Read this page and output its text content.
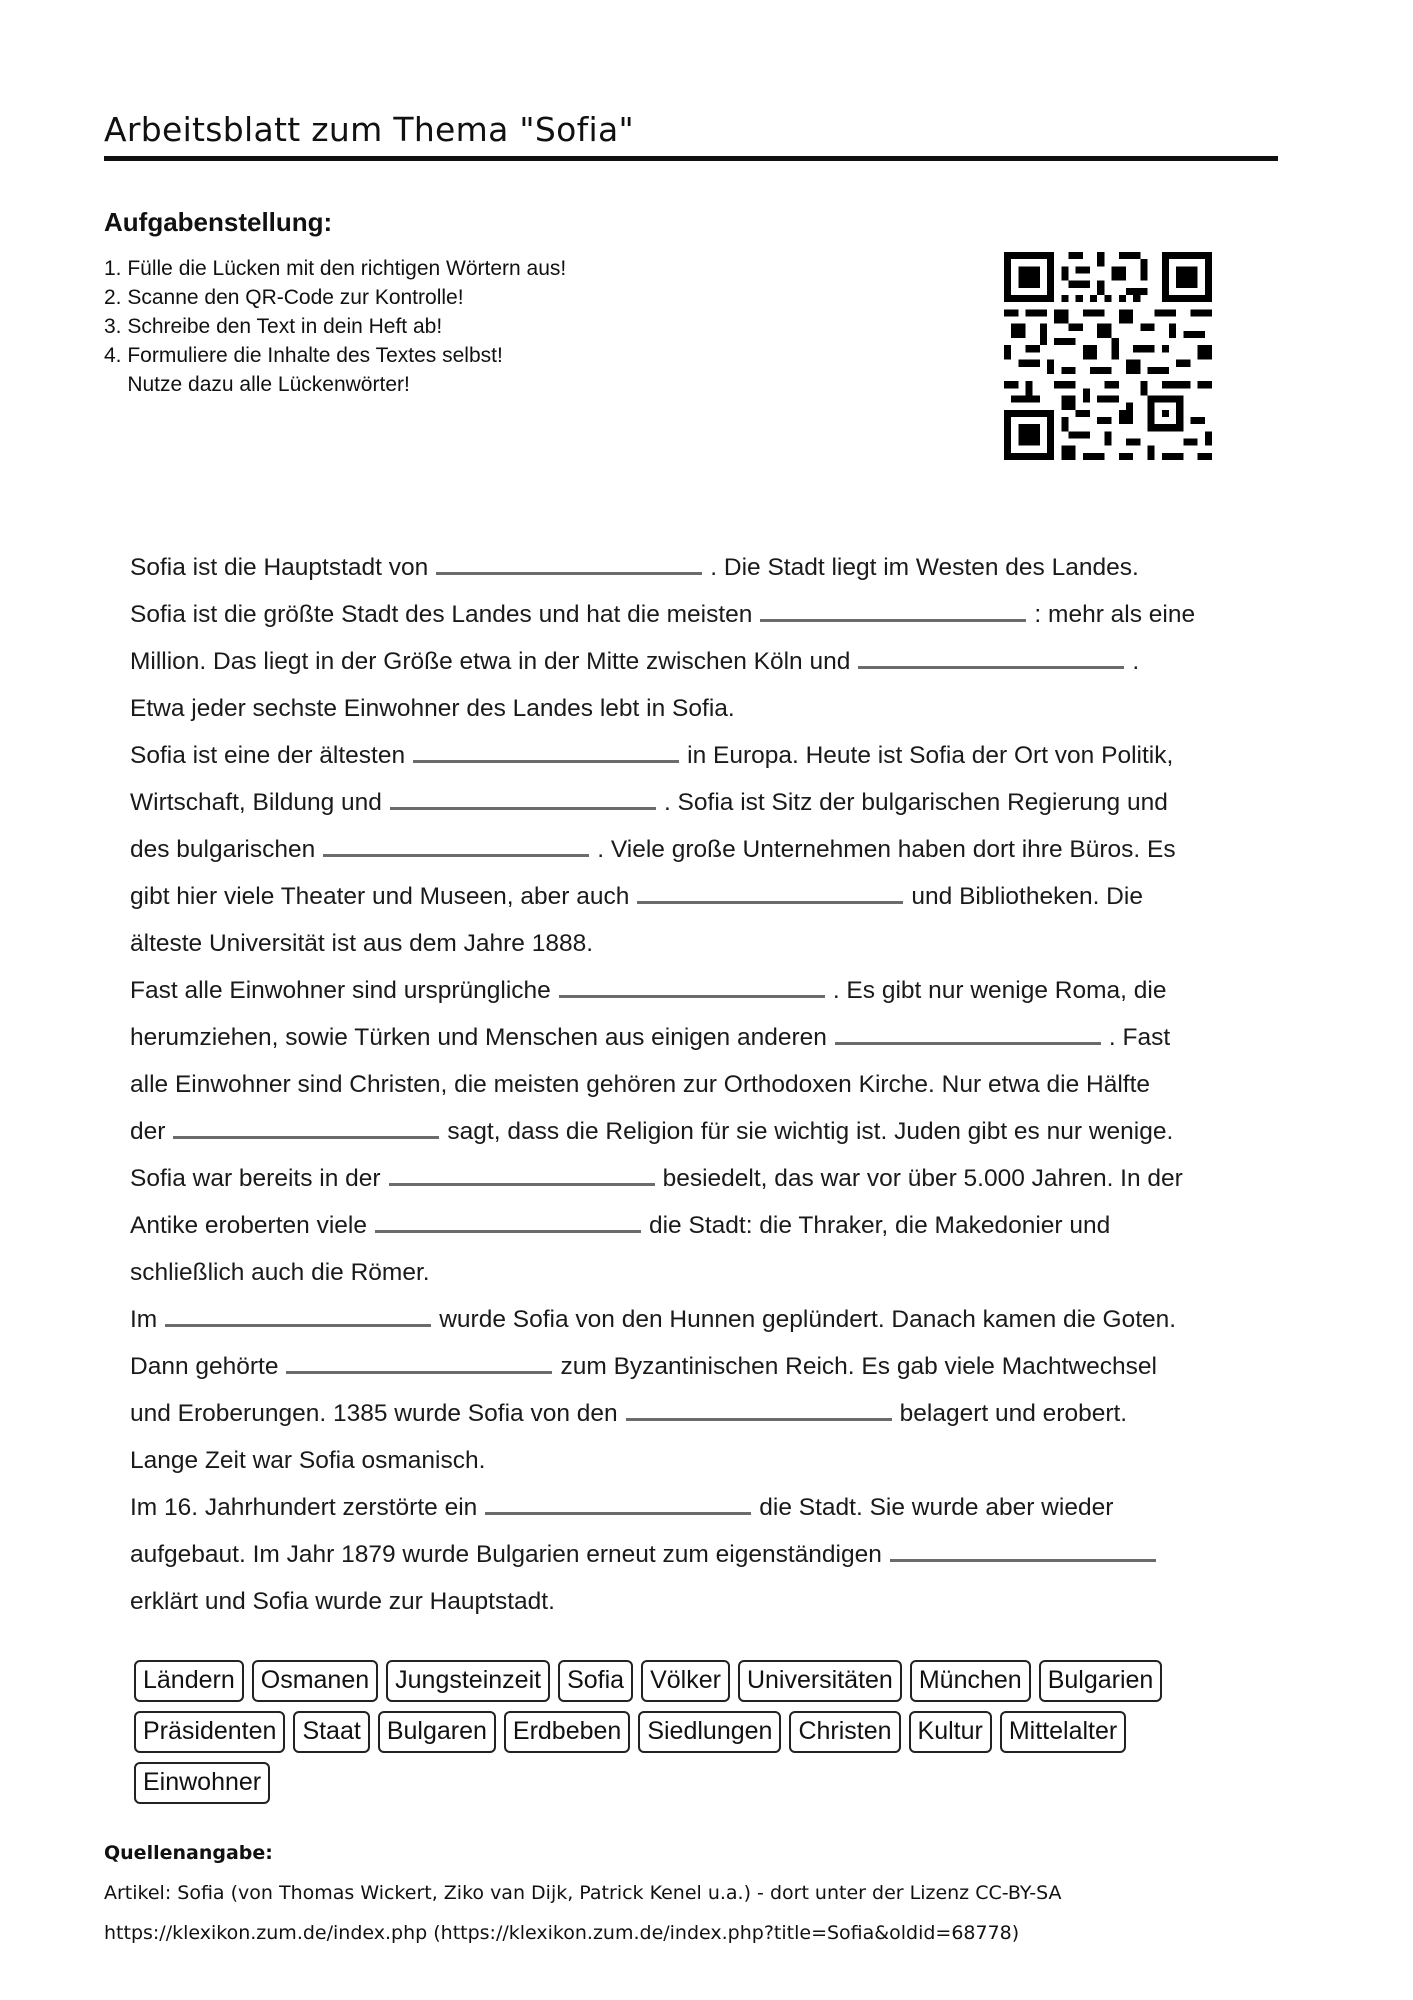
Arbeitsblatt zum Thema "Sofia"
Aufgabenstellung:
1. Fülle die Lücken mit den richtigen Wörtern aus!
2. Scanne den QR-Code zur Kontrolle!
3. Schreibe den Text in dein Heft ab!
4. Formuliere die Inhalte des Textes selbst!
Nutze dazu alle Lückenwörter!
Sofia ist die Hauptstadt von	. Die Stadt liegt im Westen des Landes.
Sofia ist die größte Stadt des Landes und hat die meisten	: mehr als eine
Million. Das liegt in der Größe etwa in der Mitte zwischen Köln und	.
Etwa jeder sechste Einwohner des Landes lebt in Sofia.
Sofia ist eine der ältesten	in Europa. Heute ist Sofia der Ort von Politik,
Wirtschaft, Bildung und	. Sofia ist Sitz der bulgarischen Regierung und
des bulgarischen	. Viele große Unternehmen haben dort ihre Büros. Es
gibt hier viele Theater und Museen, aber auch	und Bibliotheken. Die
älteste Universität ist aus dem Jahre 1888.
Fast alle Einwohner sind ursprüngliche	. Es gibt nur wenige Roma, die
herumziehen, sowie Türken und Menschen aus einigen anderen	. Fast
alle Einwohner sind Christen, die meisten gehören zur Orthodoxen Kirche. Nur etwa die Hälfte
der	sagt, dass die Religion für sie wichtig ist. Juden gibt es nur wenige.
Sofia war bereits in der	besiedelt, das war vor über 5.000 Jahren. In der
Antike eroberten viele	die Stadt: die Thraker, die Makedonier und
schließlich auch die Römer.
Im	wurde Sofia von den Hunnen geplündert. Danach kamen die Goten.
Dann gehörte	zum Byzantinischen Reich. Es gab viele Machtwechsel
und Eroberungen. 1385 wurde Sofia von den	belagert und erobert.
Lange Zeit war Sofia osmanisch.
Im 16. Jahrhundert zerstörte ein	die Stadt. Sie wurde aber wieder
aufgebaut. Im Jahr 1879 wurde Bulgarien erneut zum eigenständigen
erklärt und Sofia wurde zur Hauptstadt.
Ländern	Osmanen	Jungsteinzeit	Sofia	Völker	Universitäten	München	Bulgarien
Präsidenten	Staat	Bulgaren	Erdbeben	Siedlungen	Christen	Kultur	Mittelalter
Einwohner
Quellenangabe:
Artikel: Sofia (von Thomas Wickert, Ziko van Dijk, Patrick Kenel u.a.) - dort unter der Lizenz CC-BY-SA
https://klexikon.zum.de/index.php (https://klexikon.zum.de/index.php?title=Sofia&oldid=68778)
